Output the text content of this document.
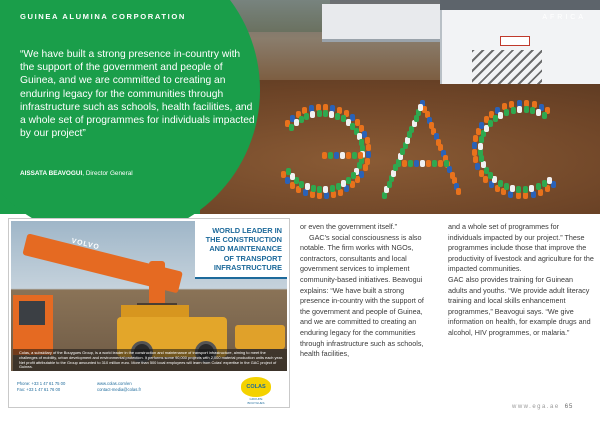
AFRICA
GUINEA ALUMINA CORPORATION
“We have built a strong presence in-country with the support of the government and people of Guinea, and we are committed to creating an enduring legacy for the communities through infrastructure such as schools, health facilities, and a whole set of programmes for individuals impacted by our project”
AISSATA BEAVOGUI, Director General
VOLVO
Colas, a subsidiary of the Bouygues Group, is a world leader in the construction and maintenance of transport infrastructure, aiming to meet the challenges of mobility, urban development and environmental protection. It performs some 90,000 projects with 2,000 material production units each year. Net profit attributable to the Group amounted to 310 million euro. More than 500 local employees will learn from Colas' expertise in the GAC project of Guinea.
WORLD LEADER IN
THE CONSTRUCTION
AND MAINTENANCE
OF TRANSPORT
INFRASTRUCTURE
Phone: +33 1 47 61 75 00
Fax: +33 1 47 61 76 00
www.colas.com/en
contact-media@colas.fr	COLAS
GROUPE BOUYGUES

or even the government itself.”

GAC’s social consciousness is also notable. The firm works with NGOs, contractors, consultants and local government services to implement community-based initiatives. Beavogui explains: “We have built a strong presence in-country with the support of the government and people of Guinea, and we are committed to creating an enduring legacy for the communities through infrastructure such as schools, health facilities,

and a whole set of programmes for individuals impacted by our project.” These programmes include those that improve the productivity of livestock and agriculture for the impacted communities.

GAC also provides training for Guinean adults and youths. “We provide adult literacy training and local skills enhancement programmes,” Beavogui says. “We give information on health, for example drugs and alcohol, HIV programmes, or malaria.”

www.ega.ae 65
